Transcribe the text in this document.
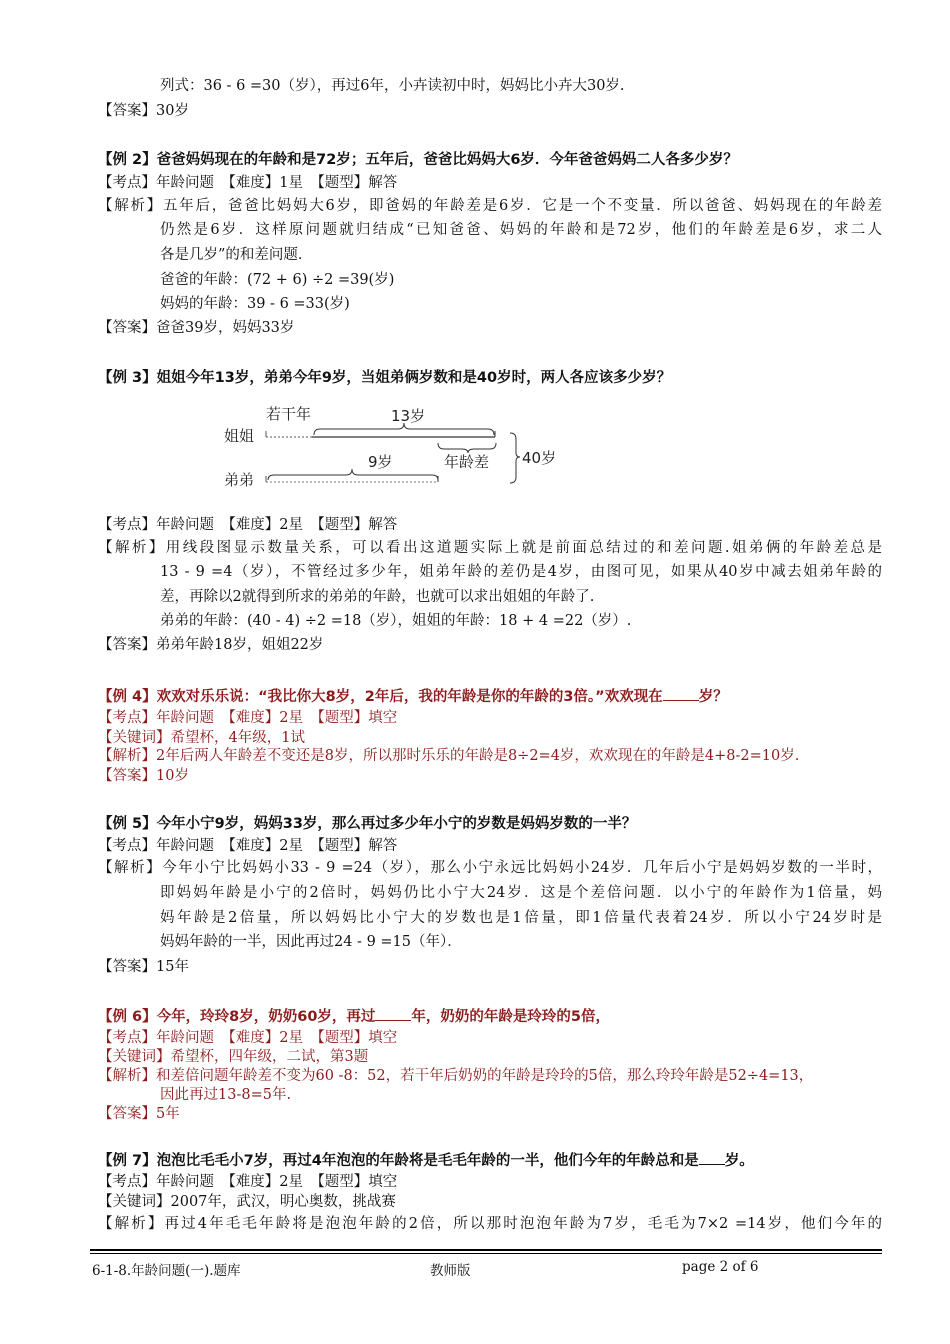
列式：36 - 6 =30（岁），再过6年，小卉读初中时，妈妈比小卉大30岁.
【答案】30岁
【例 2】爸爸妈妈现在的年龄和是72岁；五年后，爸爸比妈妈大6岁．今年爸爸妈妈二人各多少岁？
【考点】年龄问题　【难度】1星　【题型】解答
【解析】五年后，爸爸比妈妈大6岁，即爸妈的年龄差是6岁．它是一个不变量．所以爸爸、妈妈现在的年龄差
仍然是6岁．这样原问题就归结成“已知爸爸、妈妈的年龄和是72岁，他们的年龄差是6岁，求二人
各是几岁”的和差问题．
爸爸的年龄：(72 + 6) ÷2 =39(岁)
妈妈的年龄：39 - 6 =33(岁)
【答案】爸爸39岁，妈妈33岁
【例 3】姐姐今年13岁，弟弟今年9岁，当姐弟俩岁数和是40岁时，两人各应该多少岁？
姐姐
弟弟
若干年	13岁
9岁	年龄差 40岁
【考点】年龄问题　【难度】2星　【题型】解答
【解析】用线段图显示数量关系，可以看出这道题实际上就是前面总结过的和差问题.姐弟俩的年龄差总是
13 - 9 =4（岁），不管经过多少年，姐弟年龄的差仍是4岁，由图可见，如果从40岁中减去姐弟年龄的
差，再除以2就得到所求的弟弟的年龄，也就可以求出姐姐的年龄了.
弟弟的年龄：(40 - 4) ÷2 =18（岁），姐姐的年龄：18 + 4 =22（岁）.
【答案】弟弟年龄18岁，姐姐22岁
【例 4】欢欢对乐乐说：“我比你大8岁，2年后，我的年龄是你的年龄的3倍。”欢欢现在 岁？
【考点】年龄问题　【难度】2星　【题型】填空
【关键词】希望杯，4年级，1试
【解析】2年后两人年龄差不变还是8岁，所以那时乐乐的年龄是8÷2=4岁，欢欢现在的年龄是4+8-2=10岁.
【答案】10岁
【例 5】今年小宁9岁，妈妈33岁，那么再过多少年小宁的岁数是妈妈岁数的一半？
【考点】年龄问题　【难度】2星　【题型】解答
【解析】今年小宁比妈妈小33 - 9 =24（岁），那么小宁永远比妈妈小24岁．几年后小宁是妈妈岁数的一半时，
即妈妈年龄是小宁的2倍时，妈妈仍比小宁大24岁．这是个差倍问题．以小宁的年龄作为1倍量，妈
妈年龄是2倍量，所以妈妈比小宁大的岁数也是1倍量，即1倍量代表着24岁．所以小宁24岁时是
妈妈年龄的一半，因此再过24 - 9 =15（年）．
【答案】15年
【例 6】今年，玲玲8岁，奶奶60岁，再过 年，奶奶的年龄是玲玲的5倍，
【考点】年龄问题　【难度】2星　【题型】填空
【关键词】希望杯，四年级，二试，第3题
【解析】和差倍问题年龄差不变为60 -8：52，若干年后奶奶的年龄是玲玲的5倍，那么玲玲年龄是52÷4=13，
因此再过13-8=5年.
【答案】5年
【例 7】泡泡比毛毛小7岁，再过4年泡泡的年龄将是毛毛年龄的一半，他们今年的年龄总和是 岁。
【考点】年龄问题　【难度】2星　【题型】填空
【关键词】2007年，武汉，明心奥数，挑战赛
【解析】再过4年毛毛年龄将是泡泡年龄的2倍，所以那时泡泡年龄为7岁，毛毛为7×2 =14岁，他们今年的
6-1-8.年龄问题(一).题库	教师版	page 2 of 6
